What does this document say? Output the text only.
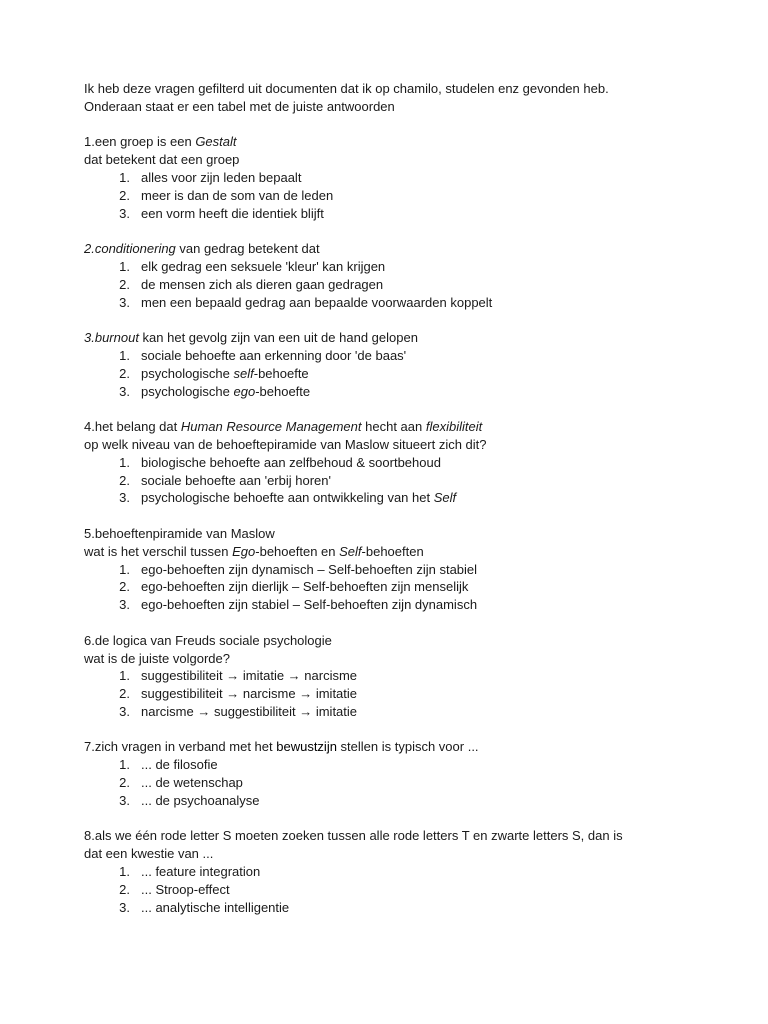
Ik heb deze vragen gefilterd uit documenten dat ik op chamilo, studelen enz gevonden heb.
Onderaan staat er een tabel met de juiste antwoorden
1.een groep is een Gestalt
dat betekent dat een groep
1. alles voor zijn leden bepaalt
2. meer is dan de som van de leden
3. een vorm heeft die identiek blijft
2.conditionering van gedrag betekent dat
1. elk gedrag een seksuele 'kleur' kan krijgen
2. de mensen zich als dieren gaan gedragen
3. men een bepaald gedrag aan bepaalde voorwaarden koppelt
3.burnout kan het gevolg zijn van een uit de hand gelopen
1. sociale behoefte aan erkenning door 'de baas'
2. psychologische self-behoefte
3. psychologische ego-behoefte
4.het belang dat Human Resource Management hecht aan flexibiliteit
op welk niveau van de behoeftepiramide van Maslow situeert zich dit?
1. biologische behoefte aan zelfbehoud & soortbehoud
2. sociale behoefte aan 'erbij horen'
3. psychologische behoefte aan ontwikkeling van het Self
5.behoeftenpiramide van Maslow
wat is het verschil tussen Ego-behoeften en Self-behoeften
1. ego-behoeften zijn dynamisch – Self-behoeften zijn stabiel
2. ego-behoeften zijn dierlijk – Self-behoeften zijn menselijk
3. ego-behoeften zijn stabiel – Self-behoeften zijn dynamisch
6.de logica van Freuds sociale psychologie
wat is de juiste volgorde?
1. suggestibiliteit → imitatie → narcisme
2. suggestibiliteit → narcisme → imitatie
3. narcisme → suggestibiliteit → imitatie
7.zich vragen in verband met het bewustzijn stellen is typisch voor ...
1. ... de filosofie
2. ... de wetenschap
3. ... de psychoanalyse
8.als we één rode letter S moeten zoeken tussen alle rode letters T en zwarte letters S, dan is
dat een kwestie van ...
1. ... feature integration
2. ... Stroop-effect
3. ... analytische intelligentie
